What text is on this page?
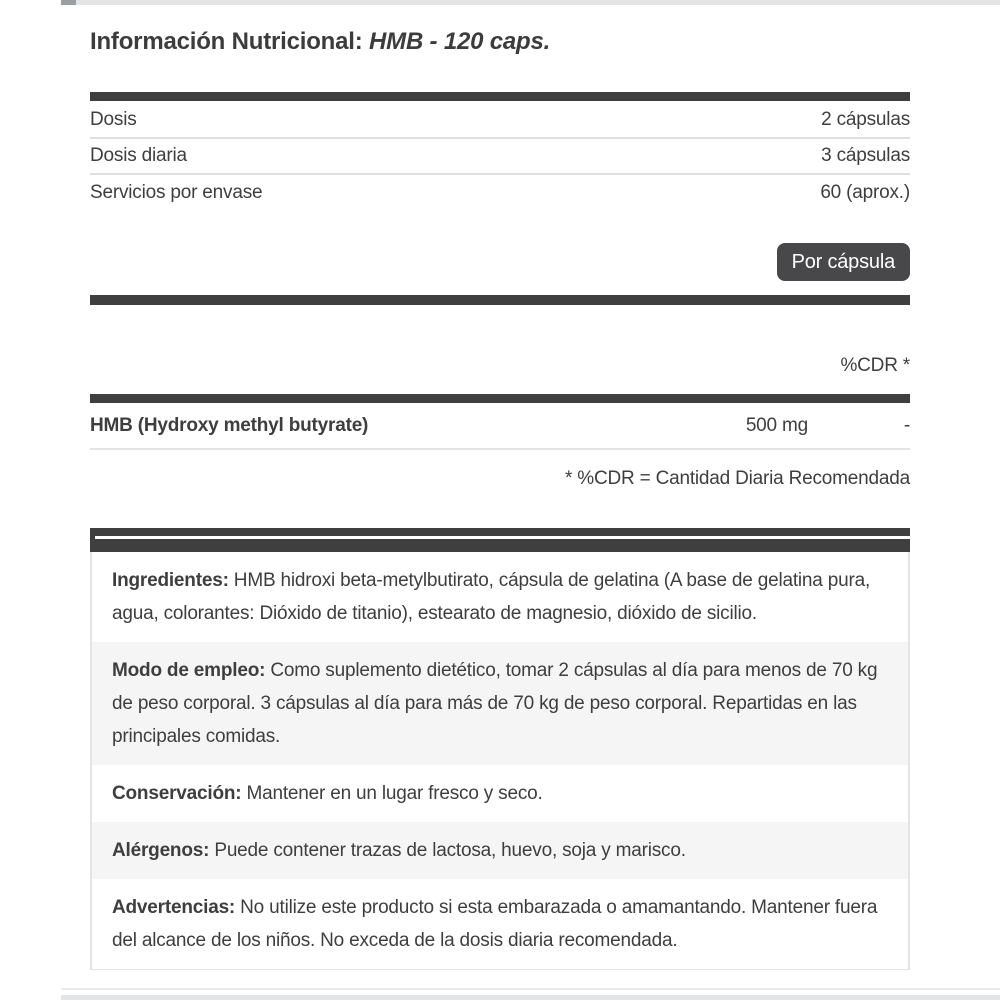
Información Nutricional: HMB - 120 caps.
Dosis	2 cápsulas
Dosis diaria	3 cápsulas
Servicios por envase	60 (aprox.)
Por cápsula
%CDR *
HMB (Hydroxy methyl butyrate)	500 mg	-
* %CDR = Cantidad Diaria Recomendada
Ingredientes: HMB hidroxi beta-metylbutirato, cápsula de gelatina (A base de gelatina pura, agua, colorantes: Dióxido de titanio), estearato de magnesio, dióxido de sicilio.
Modo de empleo: Como suplemento dietético, tomar 2 cápsulas al día para menos de 70 kg de peso corporal. 3 cápsulas al día para más de 70 kg de peso corporal. Repartidas en las principales comidas.
Conservación: Mantener en un lugar fresco y seco.
Alérgenos: Puede contener trazas de lactosa, huevo, soja y marisco.
Advertencias: No utilize este producto si esta embarazada o amamantando. Mantener fuera del alcance de los niños. No exceda de la dosis diaria recomendada.
